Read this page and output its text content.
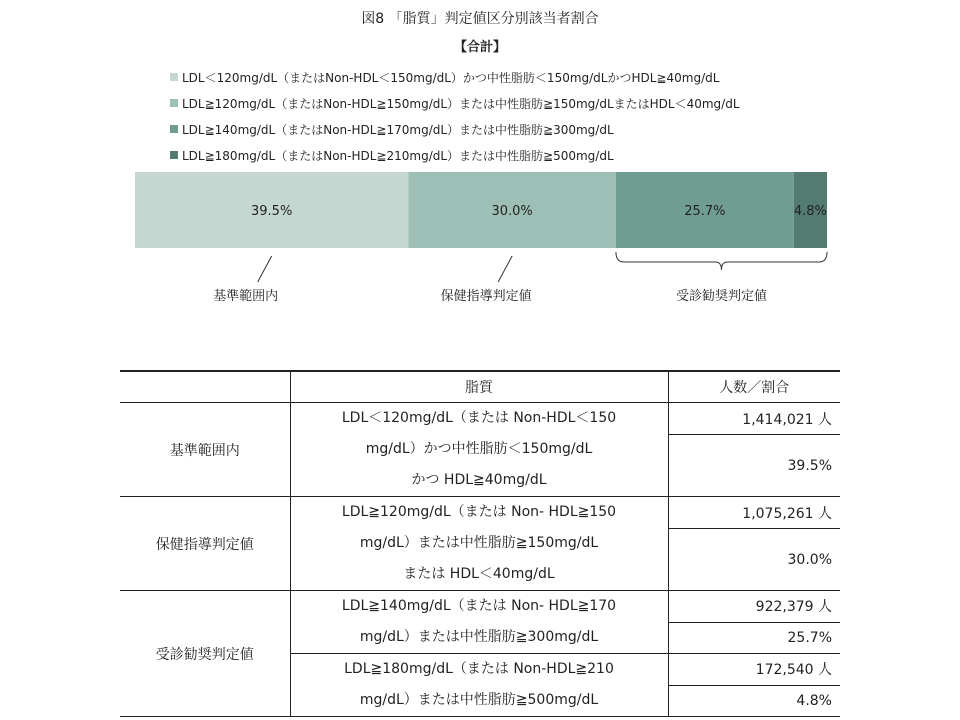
図8 「脂質」判定値区分別該当者割合
【合計】
LDL＜120mg/dL（またはNon-HDL＜150mg/dL）かつ中性脂肪＜150mg/dLかつHDL≧40mg/dL
LDL≧120mg/dL（またはNon-HDL≧150mg/dL）または中性脂肪≧150mg/dLまたはHDL＜40mg/dL
LDL≧140mg/dL（またはNon-HDL≧170mg/dL）または中性脂肪≧300mg/dL
LDL≧180mg/dL（またはNon-HDL≧210mg/dL）または中性脂肪≧500mg/dL
39.5%	30.0%	25.7%	4.8%
基準範囲内	保健指導判定値	受診勧奨判定値
	脂質	人数／割合
基準範囲内	LDL＜120mg/dL（または Non-HDL＜150
mg/dL）かつ中性脂肪＜150mg/dL
かつ HDL≧40mg/dL	1,414,021 人
		39.5%
保健指導判定値	LDL≧120mg/dL（または Non- HDL≧150
mg/dL）または中性脂肪≧150mg/dL
または HDL＜40mg/dL	1,075,261 人
		30.0%
受診勧奨判定値	LDL≧140mg/dL（または Non- HDL≧170
mg/dL）または中性脂肪≧300mg/dL	922,379 人
		25.7%

	LDL≧180mg/dL（または Non-HDL≧210
mg/dL）または中性脂肪≧500mg/dL	172,540 人
		4.8%
